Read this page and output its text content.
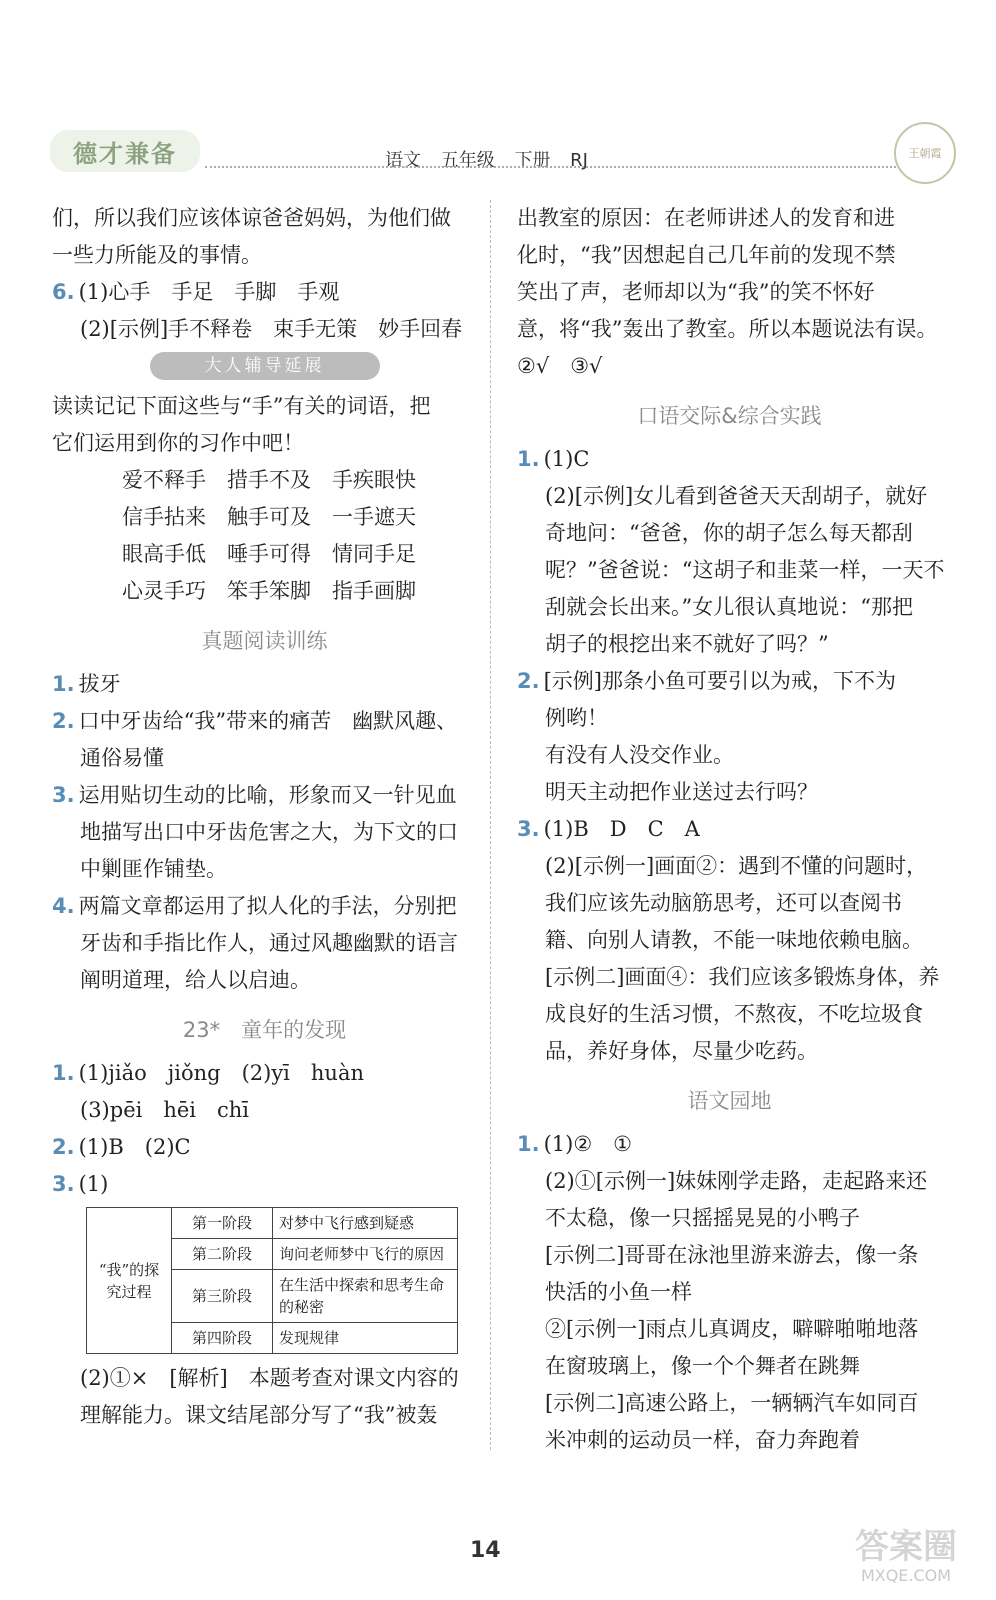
德才兼备	语文 五年级 下册 RJ	王朝霞
们，所以我们应该体谅爸爸妈妈，为他们做
一些力所能及的事情。
6. (1)心手　手足　手脚　手观
(2)[示例]手不释卷　束手无策　妙手回春
大人辅导延展
读读记记下面这些与“手”有关的词语，把
它们运用到你的习作中吧！
爱不释手　措手不及　手疾眼快
信手拈来　触手可及　一手遮天
眼高手低　唾手可得　情同手足
心灵手巧　笨手笨脚　指手画脚
真题阅读训练
1. 拔牙
2. 口中牙齿给“我”带来的痛苦　幽默风趣、
通俗易懂
3. 运用贴切生动的比喻，形象而又一针见血
地描写出口中牙齿危害之大，为下文的口
中剿匪作铺垫。
4. 两篇文章都运用了拟人化的手法，分别把
牙齿和手指比作人，通过风趣幽默的语言
阐明道理，给人以启迪。
23*　童年的发现
1. (1)jiǎo　jiǒng　(2)yī　huàn
(3)pēi　hēi　chī
2. (1)B　(2)C
3. (1)
“我”的探究过程	第一阶段	对梦中飞行感到疑惑
	第二阶段	询问老师梦中飞行的原因
	第三阶段	在生活中探索和思考生命的秘密
	第四阶段	发现规律
(2)①×　[解析]　本题考查对课文内容的
理解能力。课文结尾部分写了“我”被轰
出教室的原因：在老师讲述人的发育和进
化时，“我”因想起自己几年前的发现不禁
笑出了声，老师却以为“我”的笑不怀好
意，将“我”轰出了教室。所以本题说法有误。
②√　③√
口语交际&综合实践
1. (1)C
(2)[示例]女儿看到爸爸天天刮胡子，就好
奇地问：“爸爸，你的胡子怎么每天都刮
呢？”爸爸说：“这胡子和韭菜一样，一天不
刮就会长出来。”女儿很认真地说：“那把
胡子的根挖出来不就好了吗？”
2. [示例]那条小鱼可要引以为戒，下不为
例哟！
有没有人没交作业。
明天主动把作业送过去行吗？
3. (1)B　D　C　A
(2)[示例一]画面②：遇到不懂的问题时，
我们应该先动脑筋思考，还可以查阅书
籍、向别人请教，不能一味地依赖电脑。
[示例二]画面④：我们应该多锻炼身体，养
成良好的生活习惯，不熬夜，不吃垃圾食
品，养好身体，尽量少吃药。
语文园地
1. (1)②　①
(2)①[示例一]妹妹刚学走路，走起路来还
不太稳，像一只摇摇晃晃的小鸭子
[示例二]哥哥在泳池里游来游去，像一条
快活的小鱼一样
②[示例一]雨点儿真调皮，噼噼啪啪地落
在窗玻璃上，像一个个舞者在跳舞
[示例二]高速公路上，一辆辆汽车如同百
米冲刺的运动员一样，奋力奔跑着
14	答案圈
MXQE.COM
